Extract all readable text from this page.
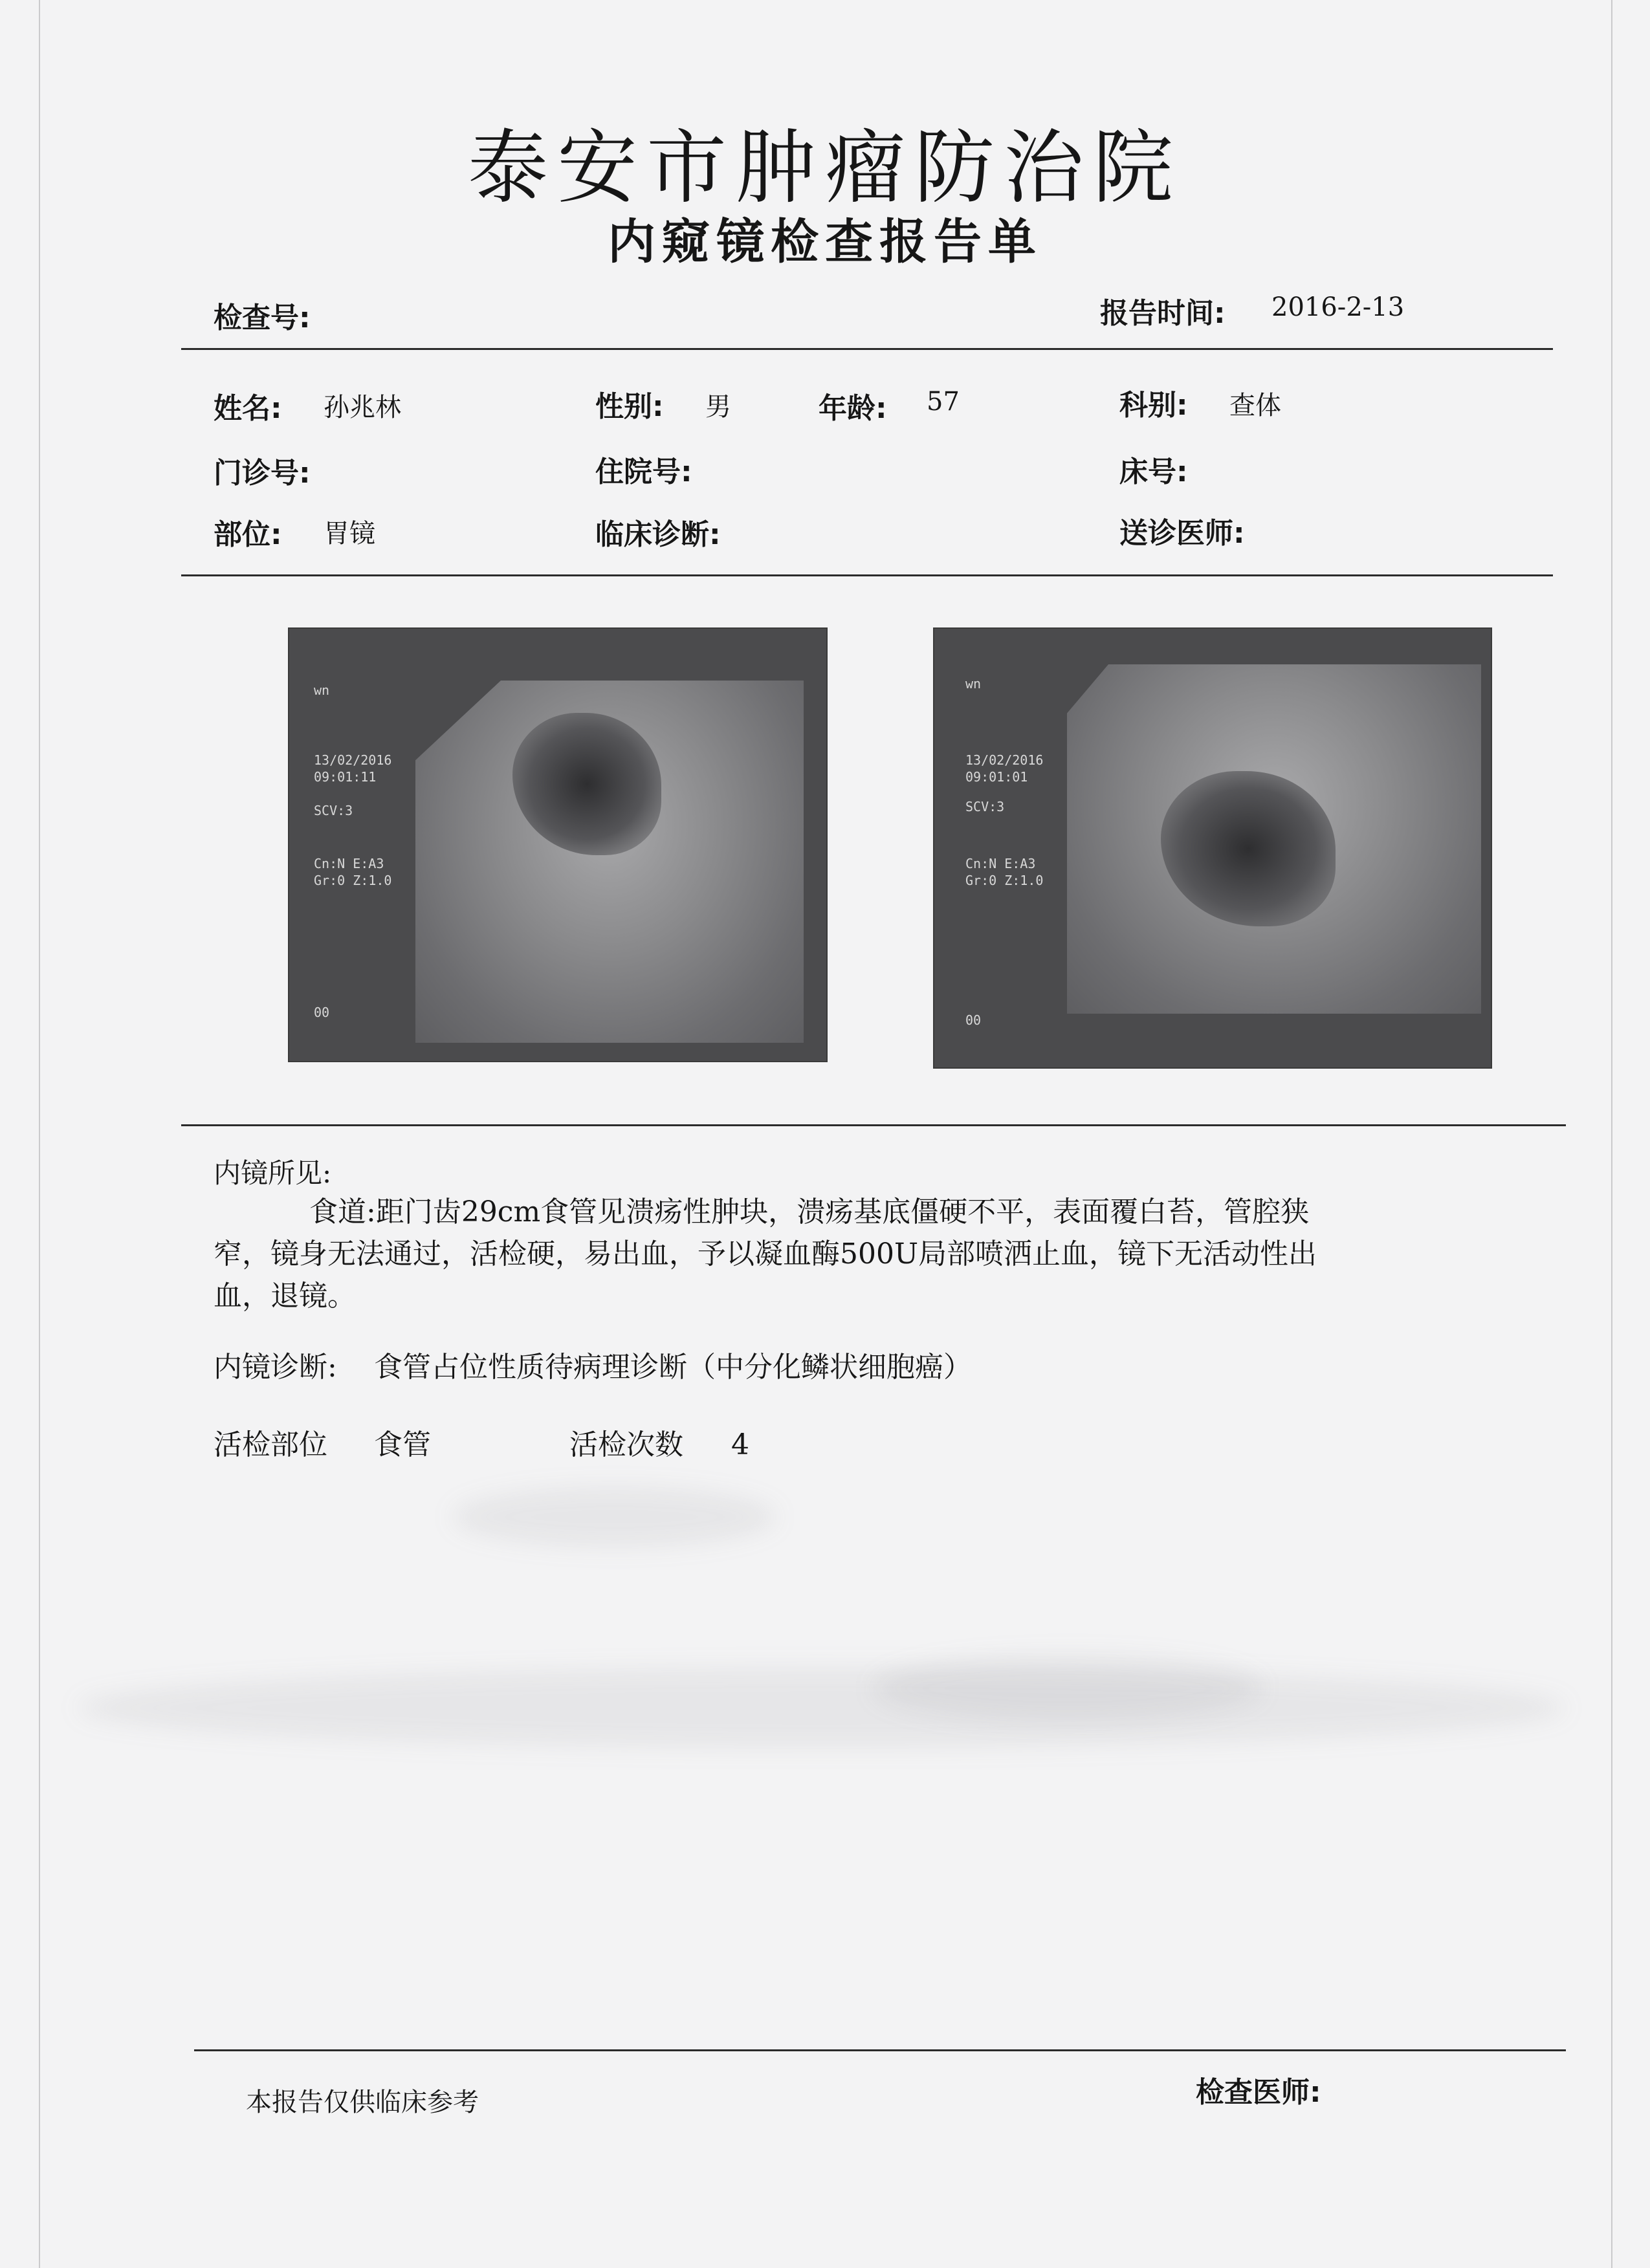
泰安市肿瘤防治院
内窥镜检查报告单
检查号:	报告时间: 2016-2-13
姓名: 孙兆林	性别: 男	年龄: 57	科别: 查体
门诊号:	住院号:	床号:
部位: 胃镜	临床诊断:	送诊医师:
wn
13/02/2016
09:01:11
SCV:3
Cn:N E:A3
Gr:0 Z:1.0
00
wn
13/02/2016
09:01:01
SCV:3
Cn:N E:A3
Gr:0 Z:1.0
00
内镜所见:
食道:距门齿29cm食管见溃疡性肿块，溃疡基底僵硬不平，表面覆白苔，管腔狭
窄，镜身无法通过，活检硬，易出血，予以凝血酶500U局部喷洒止血，镜下无活动性出
血，退镜。
内镜诊断: 食管占位性质待病理诊断（中分化鳞状细胞癌）
活检部位 食管	活检次数 4
本报告仅供临床参考	检查医师:
